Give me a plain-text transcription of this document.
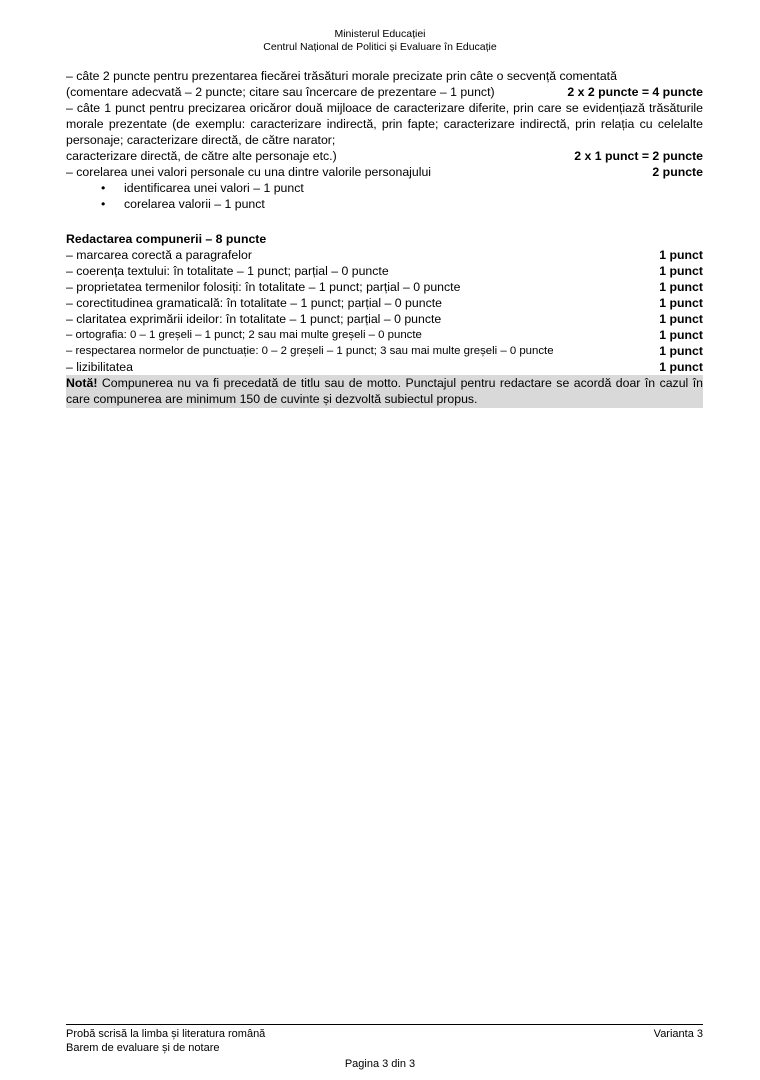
Ministerul Educației
Centrul Național de Politici și Evaluare în Educație
– câte 2 puncte pentru prezentarea fiecărei trăsături morale precizate prin câte o secvență comentată
(comentare adecvată – 2 puncte; citare sau încercare de prezentare – 1 punct)	2 x 2 puncte = 4 puncte
– câte 1 punct pentru precizarea oricăror două mijloace de caracterizare diferite, prin care se evidențiază trăsăturile morale prezentate (de exemplu: caracterizare indirectă, prin fapte; caracterizare indirectă, prin relația cu celelalte personaje; caracterizare directă, de către narator;
caracterizare directă, de către alte personaje etc.)	2 x 1 punct = 2 puncte
– corelarea unei valori personale cu una dintre valorile personajului	2 puncte
• identificarea unei valori – 1 punct
• corelarea valorii – 1 punct
Redactarea compunerii – 8 puncte
– marcarea corectă a paragrafelor	1 punct
– coerența textului: în totalitate – 1 punct; parțial – 0 puncte	1 punct
– proprietatea termenilor folosiți: în totalitate – 1 punct; parțial – 0 puncte	1 punct
– corectitudinea gramaticală: în totalitate – 1 punct; parțial – 0 puncte	1 punct
– claritatea exprimării ideilor: în totalitate – 1 punct; parțial – 0 puncte	1 punct
– ortografia: 0 – 1 greșeli – 1 punct; 2 sau mai multe greșeli – 0 puncte	1 punct
– respectarea normelor de punctuație: 0 – 2 greșeli – 1 punct; 3 sau mai multe greșeli – 0 puncte	1 punct
– lizibilitatea	1 punct
Notă! Compunerea nu va fi precedată de titlu sau de motto. Punctajul pentru redactare se acordă doar în cazul în care compunerea are minimum 150 de cuvinte și dezvoltă subiectul propus.
Probă scrisă la limba și literatura română	Varianta 3
Barem de evaluare și de notare
Pagina 3 din 3
